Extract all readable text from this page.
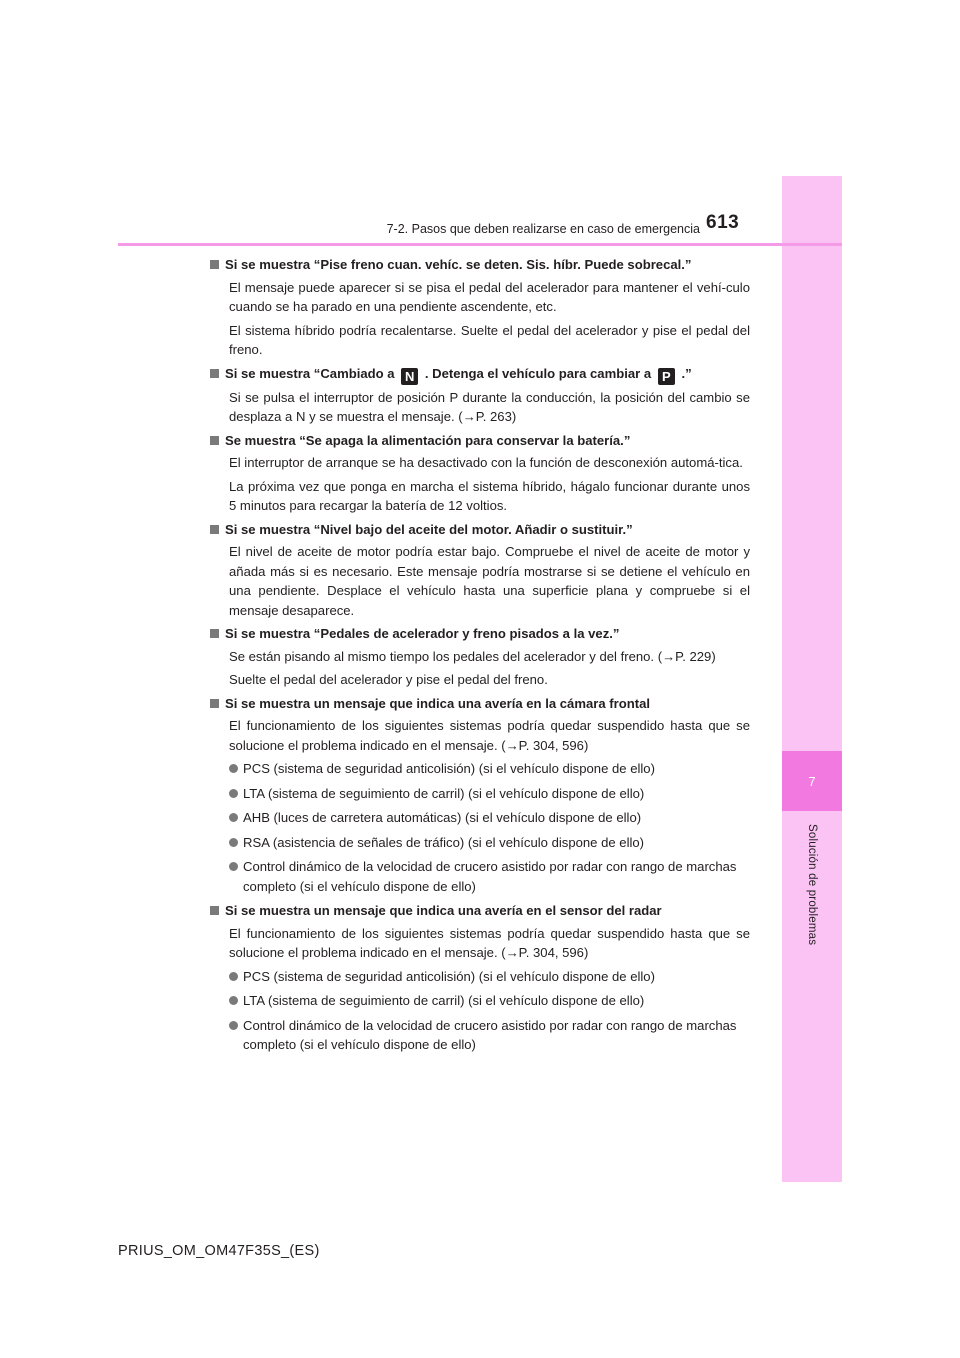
7
Solución de problemas
7-2. Pasos que deben realizarse en caso de emergencia 613
Si se muestra “Pise freno cuan. vehíc. se deten. Sis. híbr. Puede sobrecal.”
El mensaje puede aparecer si se pisa el pedal del acelerador para mantener el vehí-culo cuando se ha parado en una pendiente ascendente, etc.
El sistema híbrido podría recalentarse. Suelte el pedal del acelerador y pise el pedal del freno.
Si se muestra “Cambiado a N . Detenga el vehículo para cambiar a P .”
Si se pulsa el interruptor de posición P durante la conducción, la posición del cambio se desplaza a N y se muestra el mensaje. (→P. 263)
Se muestra “Se apaga la alimentación para conservar la batería.”
El interruptor de arranque se ha desactivado con la función de desconexión automá-tica.
La próxima vez que ponga en marcha el sistema híbrido, hágalo funcionar durante unos 5 minutos para recargar la batería de 12 voltios.
Si se muestra “Nivel bajo del aceite del motor. Añadir o sustituir.”
El nivel de aceite de motor podría estar bajo. Compruebe el nivel de aceite de motor y añada más si es necesario. Este mensaje podría mostrarse si se detiene el vehículo en una pendiente. Desplace el vehículo hasta una superficie plana y compruebe si el mensaje desaparece.
Si se muestra “Pedales de acelerador y freno pisados a la vez.”
Se están pisando al mismo tiempo los pedales del acelerador y del freno. (→P. 229)
Suelte el pedal del acelerador y pise el pedal del freno.
Si se muestra un mensaje que indica una avería en la cámara frontal
El funcionamiento de los siguientes sistemas podría quedar suspendido hasta que se solucione el problema indicado en el mensaje. (→P. 304, 596)
PCS (sistema de seguridad anticolisión) (si el vehículo dispone de ello)
LTA (sistema de seguimiento de carril) (si el vehículo dispone de ello)
AHB (luces de carretera automáticas) (si el vehículo dispone de ello)
RSA (asistencia de señales de tráfico) (si el vehículo dispone de ello)
Control dinámico de la velocidad de crucero asistido por radar con rango de marchas completo (si el vehículo dispone de ello)
Si se muestra un mensaje que indica una avería en el sensor del radar
El funcionamiento de los siguientes sistemas podría quedar suspendido hasta que se solucione el problema indicado en el mensaje. (→P. 304, 596)
PCS (sistema de seguridad anticolisión) (si el vehículo dispone de ello)
LTA (sistema de seguimiento de carril) (si el vehículo dispone de ello)
Control dinámico de la velocidad de crucero asistido por radar con rango de marchas completo (si el vehículo dispone de ello)
PRIUS_OM_OM47F35S_(ES)
